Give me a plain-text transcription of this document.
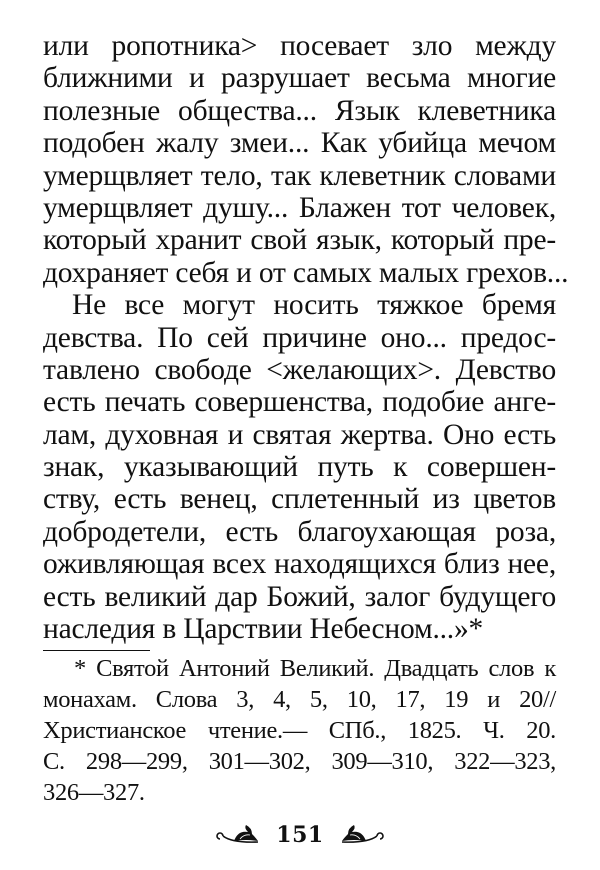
или ропотника> посевает зло между
ближними и разрушает весьма многие
полезные общества... Язык клеветника
подобен жалу змеи... Как убийца мечом
умерщвляет тело, так клеветник словами
умерщвляет душу... Блажен тот человек,
который хранит свой язык, который пре-
дохраняет себя и от самых малых грехов...
Не все могут носить тяжкое бремя
девства. По сей причине оно... предос-
тавлено свободе <желающих>. Девство
есть печать совершенства, подобие анге-
лам, духовная и святая жертва. Оно есть
знак, указывающий путь к совершен-
ству, есть венец, сплетенный из цветов
добродетели, есть благоухающая роза,
оживляющая всех находящихся близ нее,
есть великий дар Божий, залог будущего
наследия в Царствии Небесном...»*
* Святой Антоний Великий. Двадцать слов к
монахам. Слова 3, 4, 5, 10, 17, 19 и 20//
Христианское чтение.— СПб., 1825. Ч. 20.
С. 298—299, 301—302, 309—310, 322—323,
326—327.
151
